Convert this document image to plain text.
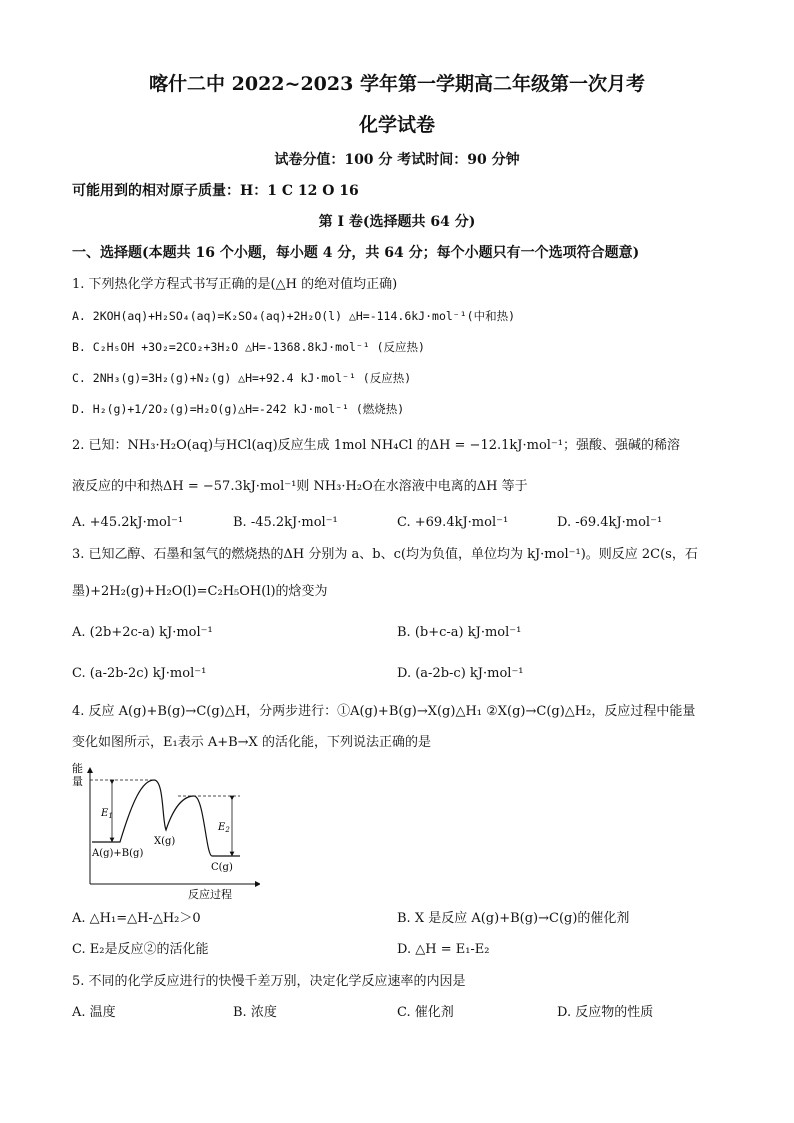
喀什二中 2022~2023 学年第一学期高二年级第一次月考
化学试卷
试卷分值：100 分 考试时间：90 分钟
可能用到的相对原子质量：H：1 C 12 O 16
第 I 卷(选择题共 64 分)
一、选择题(本题共 16 个小题，每小题 4 分，共 64 分；每个小题只有一个选项符合题意)
1. 下列热化学方程式书写正确的是(△H 的绝对值均正确)
A. 2KOH(aq)+H₂SO₄(aq)=K₂SO₄(aq)+2H₂O(l) △H=-114.6kJ·mol⁻¹(中和热)
B. C₂H₅OH +3O₂=2CO₂+3H₂O △H=-1368.8kJ·mol⁻¹ (反应热)
C. 2NH₃(g)=3H₂(g)+N₂(g) △H=+92.4 kJ·mol⁻¹ (反应热)
D. H₂(g)+1/2O₂(g)=H₂O(g)△H=-242 kJ·mol⁻¹ (燃烧热)
2. 已知：NH₃·H₂O(aq)与HCl(aq)反应生成 1mol NH₄Cl 的ΔH = −12.1kJ·mol⁻¹；强酸、强碱的稀溶
液反应的中和热ΔH = −57.3kJ·mol⁻¹则 NH₃·H₂O在水溶液中电离的ΔH 等于
A. +45.2kJ·mol⁻¹	B. -45.2kJ·mol⁻¹	C. +69.4kJ·mol⁻¹	D. -69.4kJ·mol⁻¹
3. 已知乙醇、石墨和氢气的燃烧热的ΔH 分别为 a、b、c(均为负值，单位均为 kJ·mol⁻¹)。则反应 2C(s，石
墨)+2H₂(g)+H₂O(l)=C₂H₅OH(l)的焓变为
A. (2b+2c-a) kJ·mol⁻¹	B. (b+c-a) kJ·mol⁻¹
C. (a-2b-2c) kJ·mol⁻¹	D. (a-2b-c) kJ·mol⁻¹
4. 反应 A(g)+B(g)→C(g)△H，分两步进行：①A(g)+B(g)→X(g)△H₁ ②X(g)→C(g)△H₂，反应过程中能量
变化如图所示，E₁表示 A+B→X 的活化能，下列说法正确的是
能
量
反应过程
$E_1$
$E_2$
X(g)
A(g)+B(g)
C(g)
A. △H₁=△H-△H₂＞0	B. X 是反应 A(g)+B(g)→C(g)的催化剂
C. E₂是反应②的活化能	D. △H = E₁-E₂
5. 不同的化学反应进行的快慢千差万别，决定化学反应速率的内因是
A. 温度	B. 浓度	C. 催化剂	D. 反应物的性质
